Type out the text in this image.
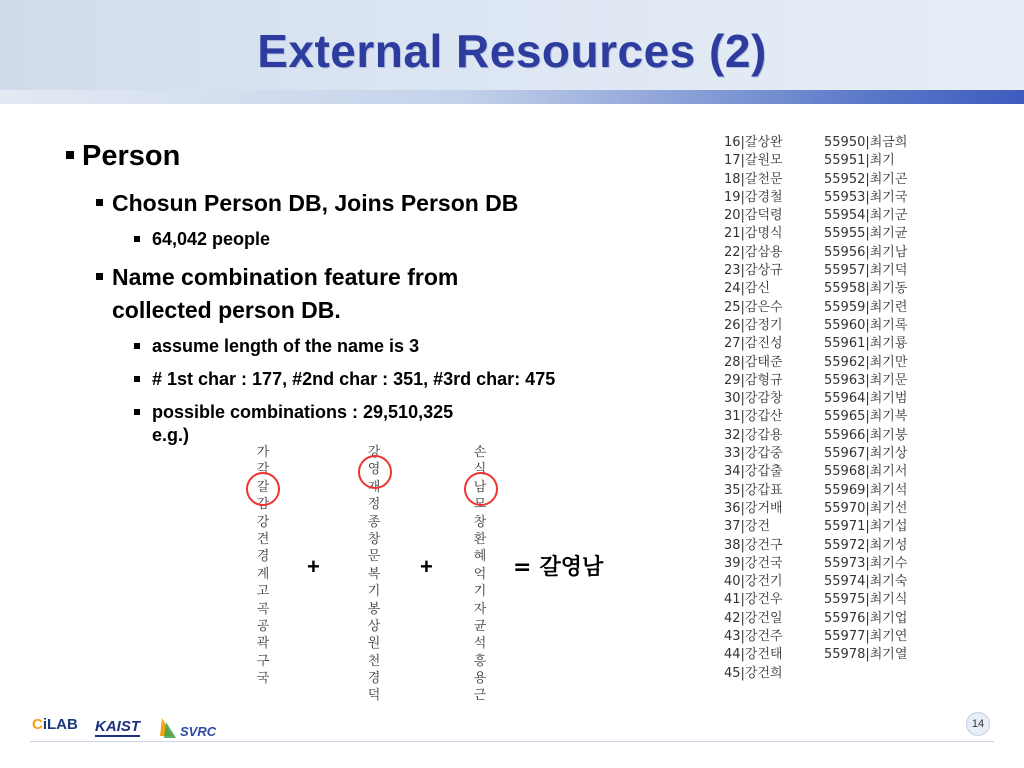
External Resources (2)
Person
Chosun Person DB, Joins Person DB
64,042 people
Name combination feature from collected person DB.
assume length of the name is 3
# 1st char : 177, #2nd char : 351, #3rd char: 475
possible combinations : 29,510,325
e.g.)
가
각
갈
감
강
견
경
계
고
곡
공
곽
구
국
강
영
재
정
종
창
문
복
기
봉
상
원
천
경
덕
손
식
남
모
창
환
혜
억
기
자
균
석
흥
용
근
+	+	= 갈영남
16|갈상완
17|갈원모
18|갈천문
19|감경철
20|감덕령
21|감명식
22|감삼용
23|감상규
24|감신
25|감은수
26|감정기
27|감진성
28|감태준
29|감형규
30|강감창
31|강갑산
32|강갑용
33|강갑중
34|강갑출
35|강갑표
36|강거배
37|강건
38|강건구
39|강건국
40|강건기
41|강건우
42|강건일
43|강건주
44|강건태
45|강건희
55950|최금희
55951|최기
55952|최기곤
55953|최기국
55954|최기군
55955|최기균
55956|최기남
55957|최기덕
55958|최기동
55959|최기련
55960|최기록
55961|최기룡
55962|최기만
55963|최기문
55964|최기범
55965|최기복
55966|최기붕
55967|최기상
55968|최기서
55969|최기석
55970|최기선
55971|최기섭
55972|최기성
55973|최기수
55974|최기숙
55975|최기식
55976|최기업
55977|최기연
55978|최기열
CiLAB KAIST	SVRC	14
